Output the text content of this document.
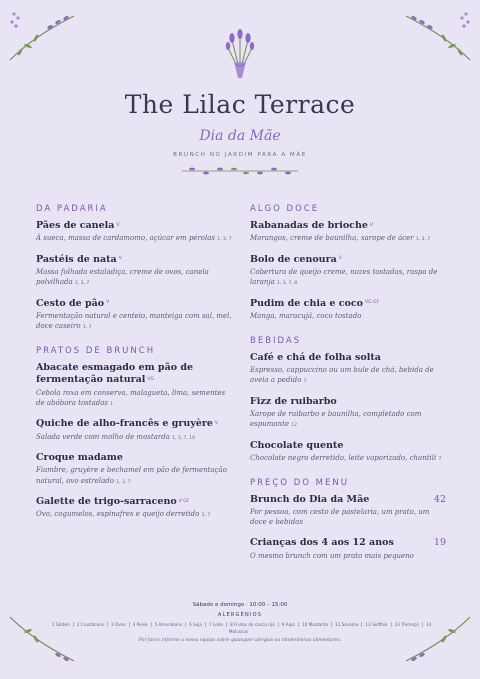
The Lilac Terrace
Dia da Mãe
BRUNCH NO JARDIM PARA A MÃE
DA PADARIA
Pães de canela V
À sueca, massa de cardamomo, açúcar em pérolas 1, 3, 7
Pastéis de nata V
Massa folhada estaladiça, creme de ovos, canela polvilhada 1, 3, 7
Cesto de pão V
Fermentação natural e centeio, manteiga com sal, mel, doce caseiro 1, 7
PRATOS DE BRUNCH
Abacate esmagado em pão de fermentação natural VG
Cebola roxa em conserva, malagueta, lima, sementes de abóbora tostadas 1
Quiche de alho-francês e gruyère V
Salada verde com molho de mostarda 1, 3, 7, 10
Croque madame
Fiambre, gruyère e bechamel em pão de fermentação natural, ovo estrelado 1, 3, 7
Galette de trigo-sarraceno V GF
Ovo, cogumelos, espinafres e queijo derretido 3, 7
ALGO DOCE
Rabanadas de brioche V
Morangos, creme de baunilha, xarope de ácer 1, 3, 7
Bolo de cenoura V
Cobertura de queijo creme, nozes tostadas, raspa de laranja 1, 3, 7, 8
Pudim de chia e coco VG GF
Manga, maracujá, coco tostado
BEBIDAS
Café e chá de folha solta
Espresso, cappuccino ou um bule de chá, bebida de aveia a pedido 7
Fizz de ruibarbo
Xarope de ruibarbo e baunilha, completado com espumante 12
Chocolate quente
Chocolate negro derretido, leite vaporizado, chantili 7
PREÇO DO MENU
Brunch do Dia da Mãe	42
Por pessoa, com cesto de pastelaria, um prato, um doce e bebidas
Crianças dos 4 aos 12 anos	19
O mesmo brunch com um prato mais pequeno
Sábado e domingo · 10:00 – 15:00
ALERGÉNIOS
1 Glúten 2 Crustáceos 3 Ovos 4 Peixe 5 Amendoins 6 Soja 7 Leite 8 Frutos de casca rija 9 Aipo 10 Mostarda 11 Sésamo 12 Sulfitos 13 Tremoço 14 Moluscos
Por favor, informe a nossa equipa sobre quaisquer alergias ou intolerâncias alimentares.
